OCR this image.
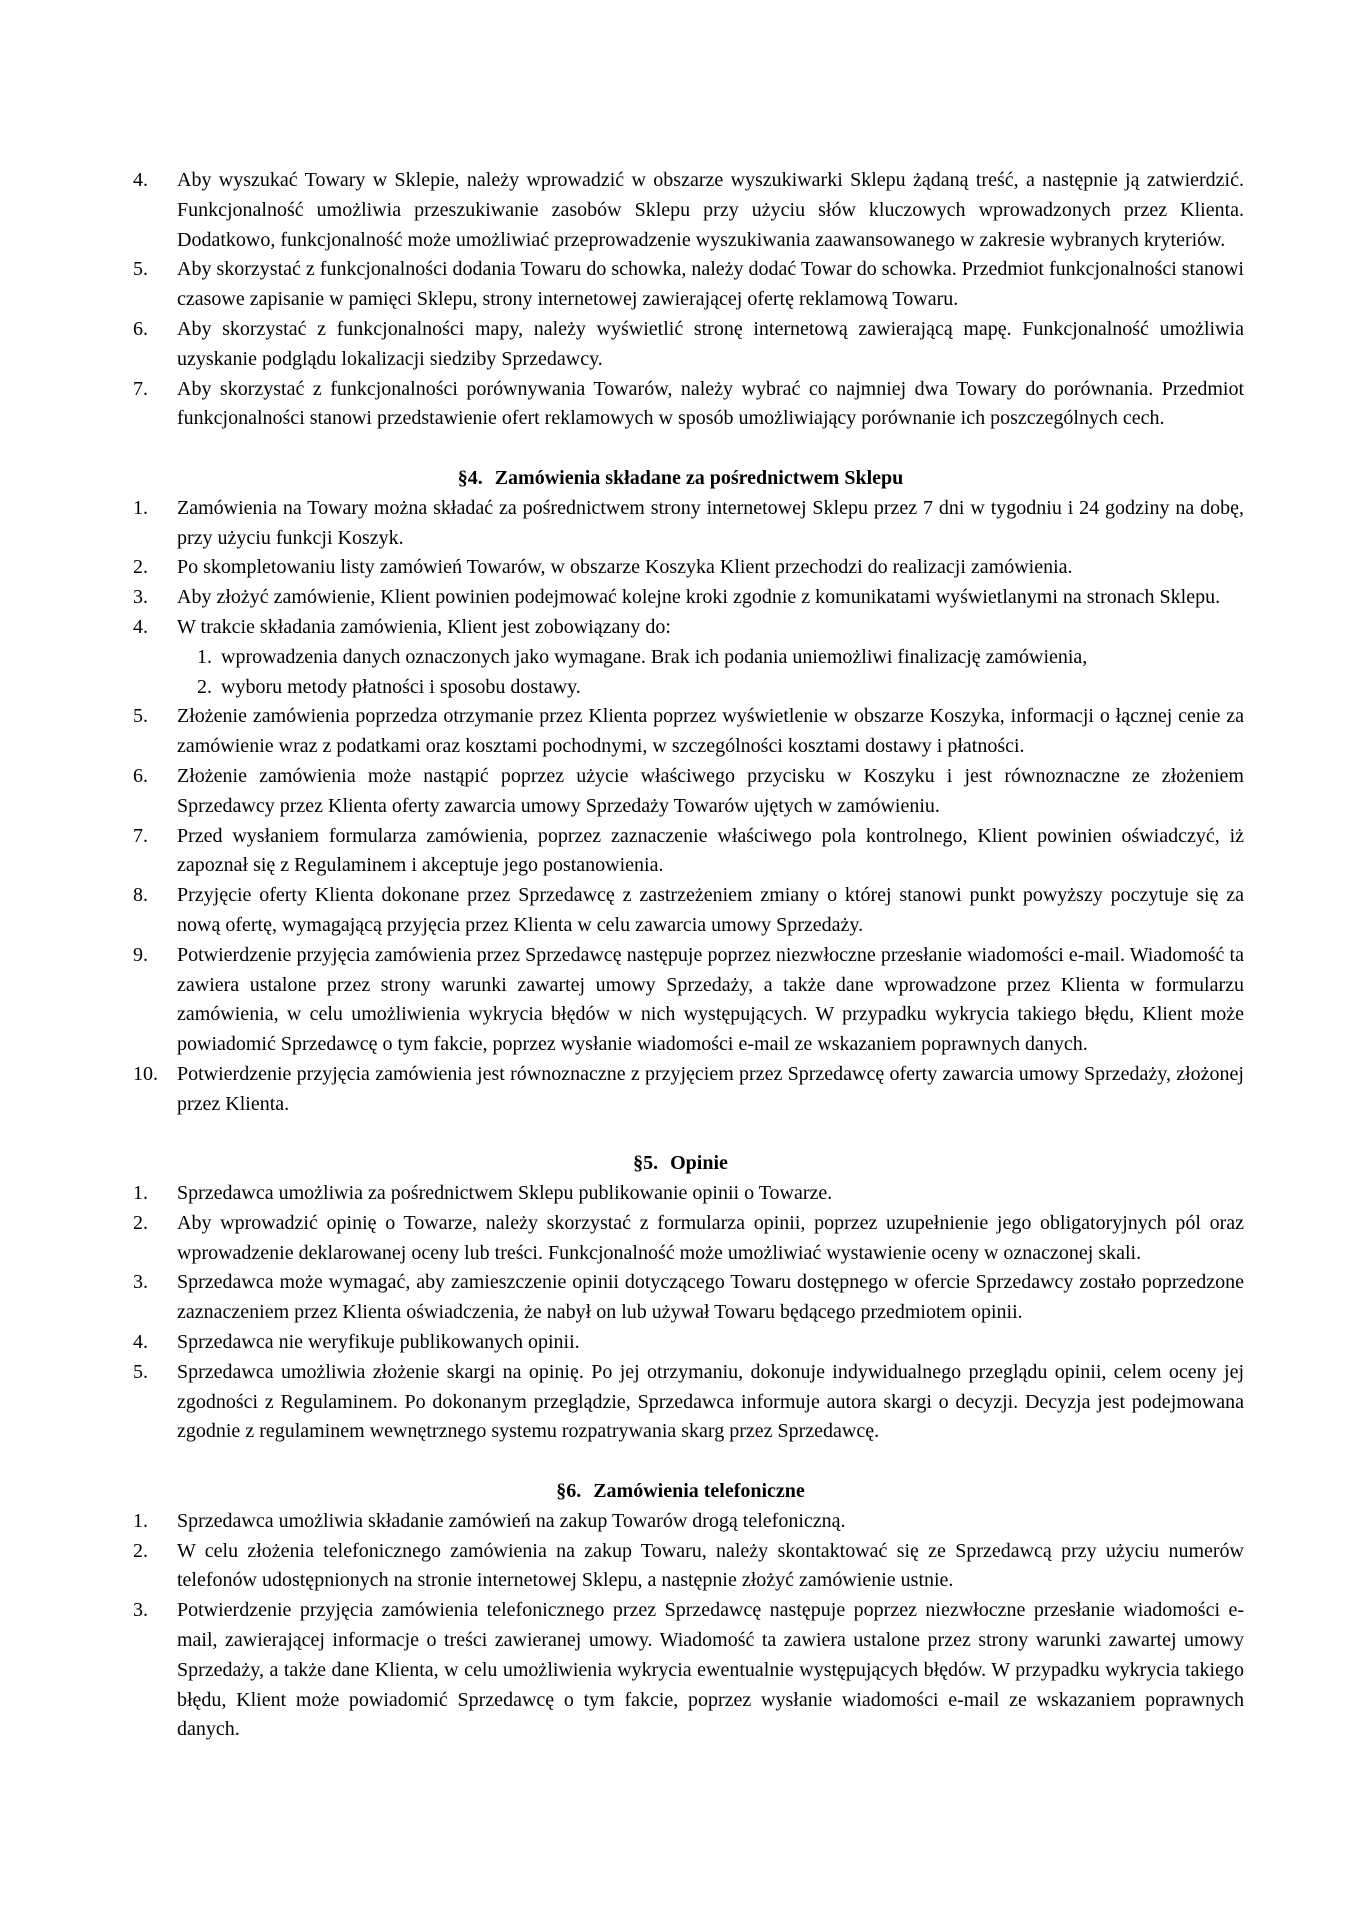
4. Aby wyszukać Towary w Sklepie, należy wprowadzić w obszarze wyszukiwarki Sklepu żądaną treść, a następnie ją zatwierdzić. Funkcjonalność umożliwia przeszukiwanie zasobów Sklepu przy użyciu słów kluczowych wprowadzonych przez Klienta. Dodatkowo, funkcjonalność może umożliwiać przeprowadzenie wyszukiwania zaawansowanego w zakresie wybranych kryteriów.
5. Aby skorzystać z funkcjonalności dodania Towaru do schowka, należy dodać Towar do schowka. Przedmiot funkcjonalności stanowi czasowe zapisanie w pamięci Sklepu, strony internetowej zawierającej ofertę reklamową Towaru.
6. Aby skorzystać z funkcjonalności mapy, należy wyświetlić stronę internetową zawierającą mapę. Funkcjonalność umożliwia uzyskanie podglądu lokalizacji siedziby Sprzedawcy.
7. Aby skorzystać z funkcjonalności porównywania Towarów, należy wybrać co najmniej dwa Towary do porównania. Przedmiot funkcjonalności stanowi przedstawienie ofert reklamowych w sposób umożliwiający porównanie ich poszczególnych cech.
§4. Zamówienia składane za pośrednictwem Sklepu
1. Zamówienia na Towary można składać za pośrednictwem strony internetowej Sklepu przez 7 dni w tygodniu i 24 godziny na dobę, przy użyciu funkcji Koszyk.
2. Po skompletowaniu listy zamówień Towarów, w obszarze Koszyka Klient przechodzi do realizacji zamówienia.
3. Aby złożyć zamówienie, Klient powinien podejmować kolejne kroki zgodnie z komunikatami wyświetlanymi na stronach Sklepu.
4. W trakcie składania zamówienia, Klient jest zobowiązany do:
1. wprowadzenia danych oznaczonych jako wymagane. Brak ich podania uniemożliwi finalizację zamówienia,
2. wyboru metody płatności i sposobu dostawy.
5. Złożenie zamówienia poprzedza otrzymanie przez Klienta poprzez wyświetlenie w obszarze Koszyka, informacji o łącznej cenie za zamówienie wraz z podatkami oraz kosztami pochodnymi, w szczególności kosztami dostawy i płatności.
6. Złożenie zamówienia może nastąpić poprzez użycie właściwego przycisku w Koszyku i jest równoznaczne ze złożeniem Sprzedawcy przez Klienta oferty zawarcia umowy Sprzedaży Towarów ujętych w zamówieniu.
7. Przed wysłaniem formularza zamówienia, poprzez zaznaczenie właściwego pola kontrolnego, Klient powinien oświadczyć, iż zapoznał się z Regulaminem i akceptuje jego postanowienia.
8. Przyjęcie oferty Klienta dokonane przez Sprzedawcę z zastrzeżeniem zmiany o której stanowi punkt powyższy poczytuje się za nową ofertę, wymagającą przyjęcia przez Klienta w celu zawarcia umowy Sprzedaży.
9. Potwierdzenie przyjęcia zamówienia przez Sprzedawcę następuje poprzez niezwłoczne przesłanie wiadomości e-mail. Wiadomość ta zawiera ustalone przez strony warunki zawartej umowy Sprzedaży, a także dane wprowadzone przez Klienta w formularzu zamówienia, w celu umożliwienia wykrycia błędów w nich występujących. W przypadku wykrycia takiego błędu, Klient może powiadomić Sprzedawcę o tym fakcie, poprzez wysłanie wiadomości e-mail ze wskazaniem poprawnych danych.
10. Potwierdzenie przyjęcia zamówienia jest równoznaczne z przyjęciem przez Sprzedawcę oferty zawarcia umowy Sprzedaży, złożonej przez Klienta.
§5. Opinie
1. Sprzedawca umożliwia za pośrednictwem Sklepu publikowanie opinii o Towarze.
2. Aby wprowadzić opinię o Towarze, należy skorzystać z formularza opinii, poprzez uzupełnienie jego obligatoryjnych pól oraz wprowadzenie deklarowanej oceny lub treści. Funkcjonalność może umożliwiać wystawienie oceny w oznaczonej skali.
3. Sprzedawca może wymagać, aby zamieszczenie opinii dotyczącego Towaru dostępnego w ofercie Sprzedawcy zostało poprzedzone zaznaczeniem przez Klienta oświadczenia, że nabył on lub używał Towaru będącego przedmiotem opinii.
4. Sprzedawca nie weryfikuje publikowanych opinii.
5. Sprzedawca umożliwia złożenie skargi na opinię. Po jej otrzymaniu, dokonuje indywidualnego przeglądu opinii, celem oceny jej zgodności z Regulaminem. Po dokonanym przeglądzie, Sprzedawca informuje autora skargi o decyzji. Decyzja jest podejmowana zgodnie z regulaminem wewnętrznego systemu rozpatrywania skarg przez Sprzedawcę.
§6. Zamówienia telefoniczne
1. Sprzedawca umożliwia składanie zamówień na zakup Towarów drogą telefoniczną.
2. W celu złożenia telefonicznego zamówienia na zakup Towaru, należy skontaktować się ze Sprzedawcą przy użyciu numerów telefonów udostępnionych na stronie internetowej Sklepu, a następnie złożyć zamówienie ustnie.
3. Potwierdzenie przyjęcia zamówienia telefonicznego przez Sprzedawcę następuje poprzez niezwłoczne przesłanie wiadomości e-mail, zawierającej informacje o treści zawieranej umowy. Wiadomość ta zawiera ustalone przez strony warunki zawartej umowy Sprzedaży, a także dane Klienta, w celu umożliwienia wykrycia ewentualnie występujących błędów. W przypadku wykrycia takiego błędu, Klient może powiadomić Sprzedawcę o tym fakcie, poprzez wysłanie wiadomości e-mail ze wskazaniem poprawnych danych.
